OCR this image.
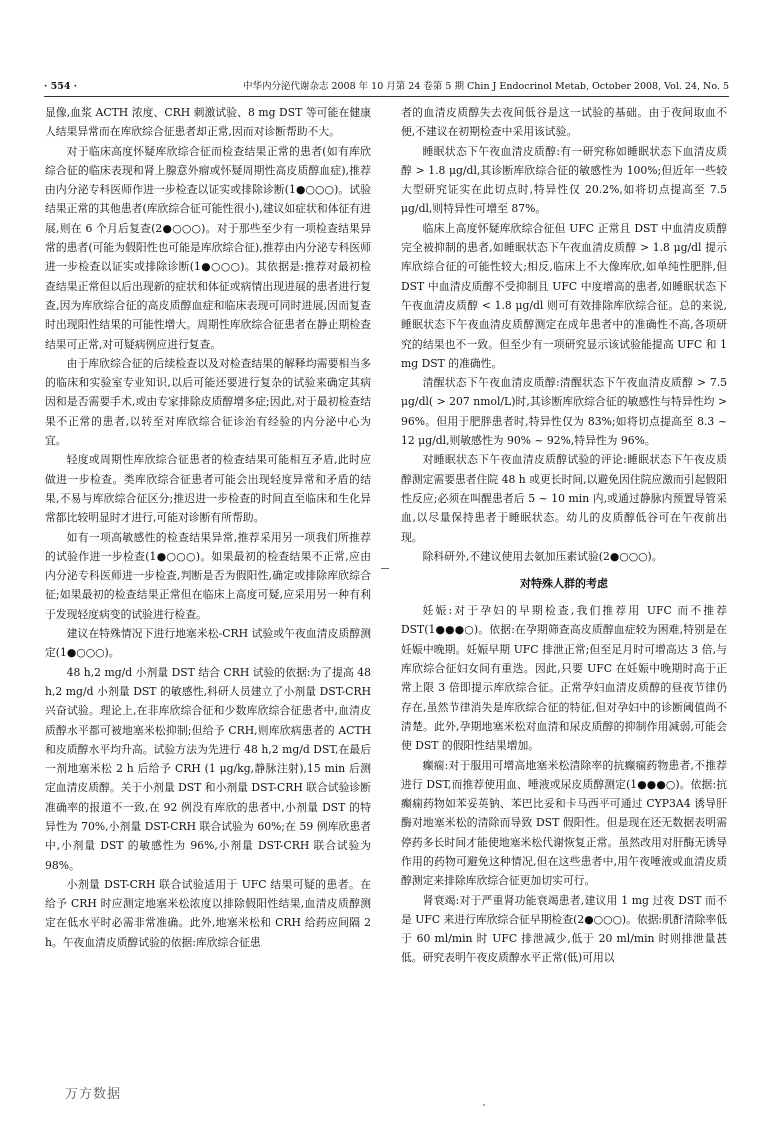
· 554 ·	中华内分泌代谢杂志 2008 年 10 月第 24 卷第 5 期 Chin J Endocrinol Metab, October 2008, Vol. 24, No. 5

显像,血浆 ACTH 浓度、CRH 刺激试验、8 mg DST 等可能在健康人结果异常而在库欣综合征患者却正常,因而对诊断帮助不大。

对于临床高度怀疑库欣综合征而检查结果正常的患者(如有库欣综合征的临床表现和肾上腺意外瘤或怀疑周期性高皮质醇血症),推荐由内分泌专科医师作进一步检查以证实或排除诊断(1●○○○)。试验结果正常的其他患者(库欣综合征可能性很小),建议如症状和体征有进展,则在 6 个月后复查(2●○○○)。对于那些至少有一项检查结果异常的患者(可能为假阳性也可能是库欣综合征),推荐由内分泌专科医师进一步检查以证实或排除诊断(1●○○○)。其依据是:推荐对最初检查结果正常但以后出现新的症状和体征或病情出现进展的患者进行复查,因为库欣综合征的高皮质醇血症和临床表现可同时进展,因而复查时出现阳性结果的可能性增大。周期性库欣综合征患者在静止期检查结果可正常,对可疑病例应进行复查。

由于库欣综合征的后续检查以及对检查结果的解释均需要相当多的临床和实验室专业知识,以后可能还要进行复杂的试验来确定其病因和是否需要手术,或由专家排除皮质醇增多症;因此,对于最初检查结果不正常的患者,以转至对库欣综合征诊治有经验的内分泌中心为宜。

轻度或周期性库欣综合征患者的检查结果可能相互矛盾,此时应做进一步检查。类库欣综合征患者可能会出现轻度异常和矛盾的结果,不易与库欣综合征区分;推迟进一步检查的时间直至临床和生化异常都比较明显时才进行,可能对诊断有所帮助。

如有一项高敏感性的检查结果异常,推荐采用另一项我们所推荐的试验作进一步检查(1●○○○)。如果最初的检查结果不正常,应由内分泌专科医师进一步检查,判断是否为假阳性,确定或排除库欣综合征;如果最初的检查结果正常但在临床上高度可疑,应采用另一种有利于发现轻度病变的试验进行检查。

建议在特殊情况下进行地塞米松-CRH 试验或午夜血清皮质醇测定(1●○○○)。

48 h,2 mg/d 小剂量 DST 结合 CRH 试验的依据:为了提高 48 h,2 mg/d 小剂量 DST 的敏感性,科研人员建立了小剂量 DST-CRH 兴奋试验。理论上,在非库欣综合征和少数库欣综合征患者中,血清皮质醇水平都可被地塞米松抑制;但给予 CRH,则库欣病患者的 ACTH 和皮质醇水平均升高。试验方法为先进行 48 h,2 mg/d DST,在最后一剂地塞米松 2 h 后给予 CRH (1 μg/kg,静脉注射),15 min 后测定血清皮质醇。关于小剂量 DST 和小剂量 DST-CRH 联合试验诊断准确率的报道不一致,在 92 例没有库欣的患者中,小剂量 DST 的特异性为 70%,小剂量 DST-CRH 联合试验为 60%;在 59 例库欣患者中,小剂量 DST 的敏感性为 96%,小剂量 DST-CRH 联合试验为 98%。

小剂量 DST-CRH 联合试验适用于 UFC 结果可疑的患者。在给予 CRH 时应测定地塞米松浓度以排除假阳性结果,血清皮质醇测定在低水平时必需非常准确。此外,地塞米松和 CRH 给药应间隔 2 h。午夜血清皮质醇试验的依据:库欣综合征患

者的血清皮质醇失去夜间低谷是这一试验的基础。由于夜间取血不便,不建议在初期检查中采用该试验。

睡眠状态下午夜血清皮质醇:有一研究称如睡眠状态下血清皮质醇 > 1.8 μg/dl,其诊断库欣综合征的敏感性为 100%;但近年一些较大型研究证实在此切点时,特异性仅 20.2%,如将切点提高至 7.5 μg/dl,则特异性可增至 87%。

临床上高度怀疑库欣综合征但 UFC 正常且 DST 中血清皮质醇完全被抑制的患者,如睡眠状态下午夜血清皮质醇 > 1.8 μg/dl 提示库欣综合征的可能性较大;相反,临床上不大像库欣,如单纯性肥胖,但 DST 中血清皮质醇不受抑制且 UFC 中度增高的患者,如睡眠状态下午夜血清皮质醇 < 1.8 μg/dl 则可有效排除库欣综合征。总的来说,睡眠状态下午夜血清皮质醇测定在成年患者中的准确性不高,各项研究的结果也不一致。但至少有一项研究显示该试验能提高 UFC 和 1 mg DST 的准确性。

清醒状态下午夜血清皮质醇:清醒状态下午夜血清皮质醇 > 7.5 μg/dl( > 207 nmol/L)时,其诊断库欣综合征的敏感性与特异性均 > 96%。但用于肥胖患者时,特异性仅为 83%;如将切点提高至 8.3 ~ 12 μg/dl,则敏感性为 90% ~ 92%,特异性为 96%。

对睡眠状态下午夜血清皮质醇试验的评论:睡眠状态下午夜皮质醇测定需要患者住院 48 h 或更长时间,以避免因住院应激而引起假阳性反应;必须在叫醒患者后 5 ~ 10 min 内,或通过静脉内预置导管采血,以尽量保持患者于睡眠状态。幼儿的皮质醇低谷可在午夜前出现。

除科研外,不建议使用去氨加压素试验(2●○○○)。

对特殊人群的考虑

妊娠:对于孕妇的早期检查,我们推荐用 UFC 而不推荐 DST(1●●●○)。依据:在孕期筛查高皮质醇血症较为困难,特别是在妊娠中晚期。妊娠早期 UFC 排泄正常;但至足月时可增高达 3 倍,与库欣综合征妇女间有重迭。因此,只要 UFC 在妊娠中晚期时高于正常上限 3 倍即提示库欣综合征。正常孕妇血清皮质醇的昼夜节律仍存在,虽然节律消失是库欣综合征的特征,但对孕妇中的诊断阈值尚不清楚。此外,孕期地塞米松对血清和尿皮质醇的抑制作用减弱,可能会使 DST 的假阳性结果增加。

癫痫:对于服用可增高地塞米松清除率的抗癫痫药物患者,不推荐进行 DST,而推荐使用血、唾液或尿皮质醇测定(1●●●○)。依据:抗癫痫药物如苯妥英钠、苯巴比妥和卡马西平可通过 CYP3A4 诱导肝酶对地塞米松的清除而导致 DST 假阳性。但是现在还无数据表明需停药多长时间才能使地塞米松代谢恢复正常。虽然改用对肝酶无诱导作用的药物可避免这种情况,但在这些患者中,用午夜唾液或血清皮质醇测定来排除库欣综合征更加切实可行。

肾衰竭:对于严重肾功能衰竭患者,建议用 1 mg 过夜 DST 而不是 UFC 来进行库欣综合征早期检查(2●○○○)。依据:肌酐清除率低于 60 ml/min 时 UFC 排泄减少,低于 20 ml/min 时则排泄量甚低。研究表明午夜皮质醇水平正常(低)可用以

万方数据
